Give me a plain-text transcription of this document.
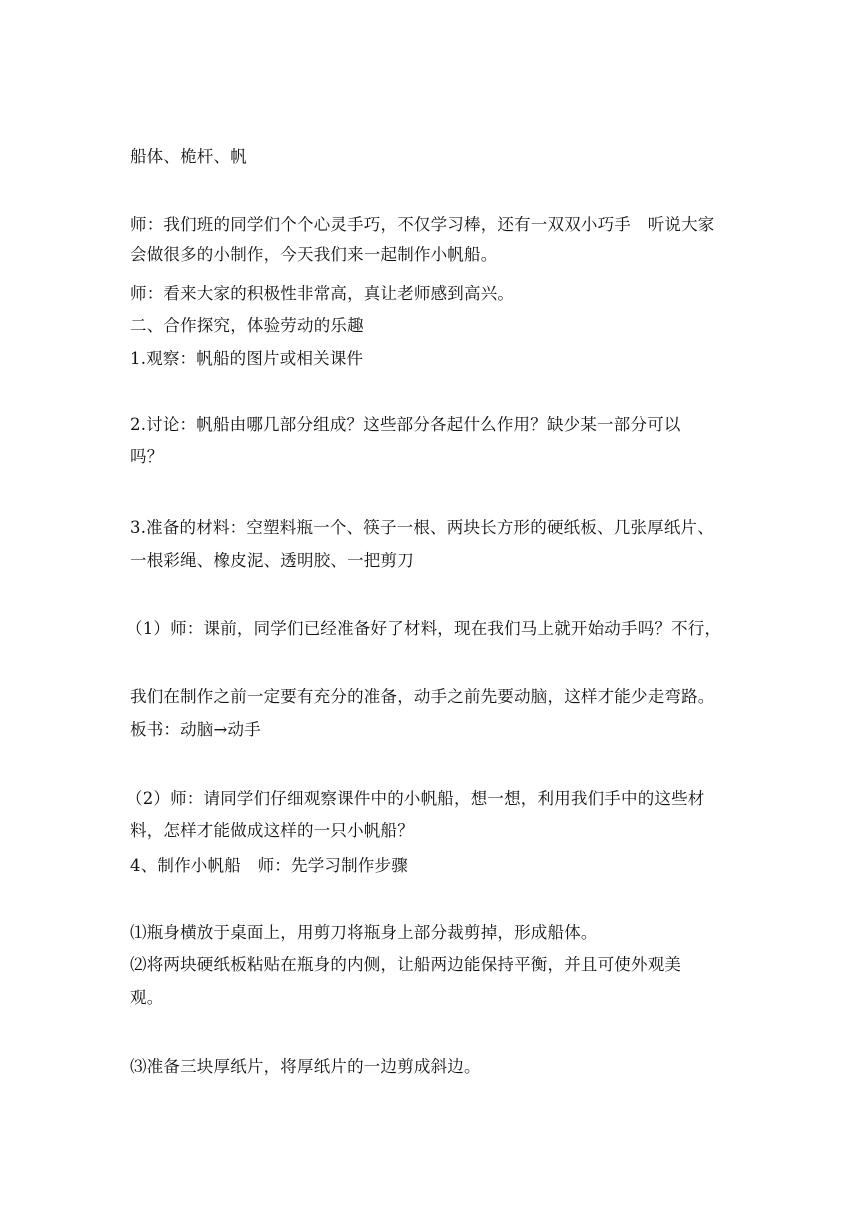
船体、桅杆、帆
师：我们班的同学们个个心灵手巧，不仅学习棒，还有一双双小巧手　听说大家
会做很多的小制作，今天我们来一起制作小帆船。
师：看来大家的积极性非常高，真让老师感到高兴。
二、合作探究，体验劳动的乐趣
1.观察：帆船的图片或相关课件
2.讨论：帆船由哪几部分组成？这些部分各起什么作用？缺少某一部分可以
吗？
3.准备的材料：空塑料瓶一个、筷子一根、两块长方形的硬纸板、几张厚纸片、
一根彩绳、橡皮泥、透明胶、一把剪刀
（1）师：课前，同学们已经准备好了材料，现在我们马上就开始动手吗？不行，
我们在制作之前一定要有充分的准备，动手之前先要动脑，这样才能少走弯路。
板书：动脑→动手
（2）师：请同学们仔细观察课件中的小帆船，想一想，利用我们手中的这些材
料，怎样才能做成这样的一只小帆船？
4、制作小帆船　师：先学习制作步骤
⑴瓶身横放于桌面上，用剪刀将瓶身上部分裁剪掉，形成船体。
⑵将两块硬纸板粘贴在瓶身的内侧，让船两边能保持平衡，并且可使外观美
观。
⑶准备三块厚纸片，将厚纸片的一边剪成斜边。
